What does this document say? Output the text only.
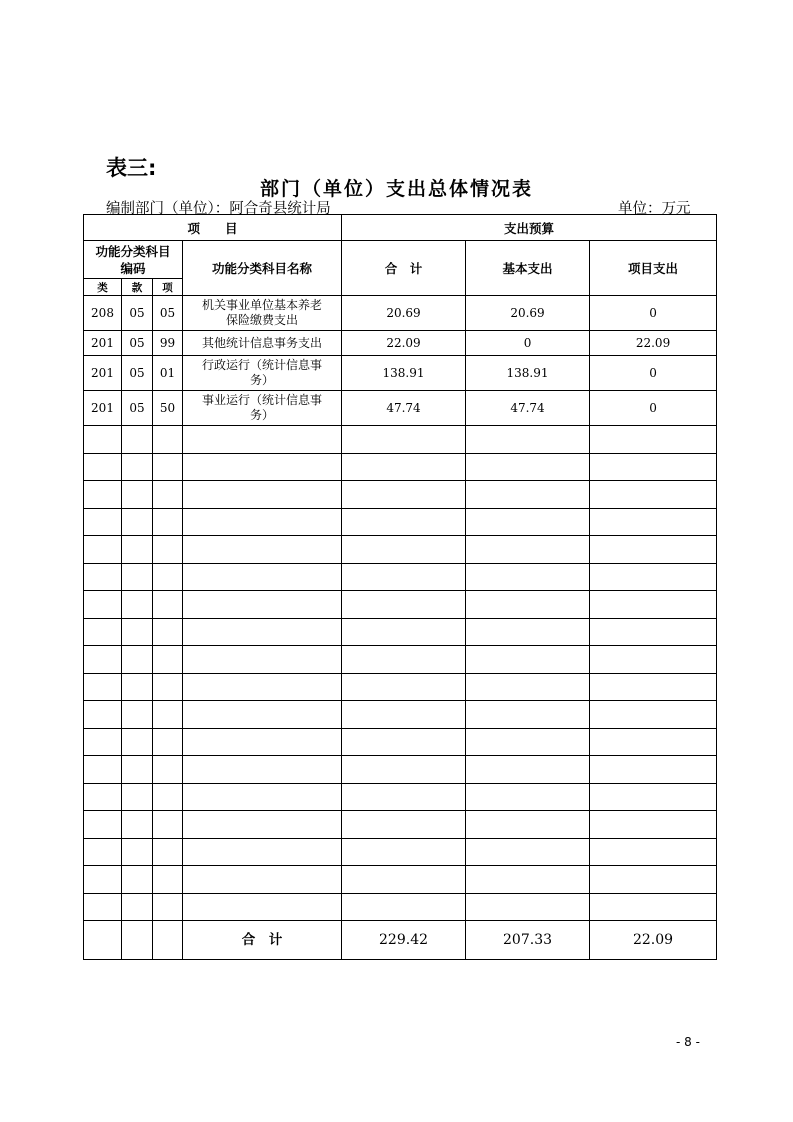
表三:
部门（单位）支出总体情况表
编制部门（单位）：阿合奇县统计局	单位：万元
项　　目				支出预算		
功能分类科目编码			功能分类科目名称	合　计	基本支出	项目支出
类	款	项				
208	05	05	机关事业单位基本养老保险缴费支出	20.69	20.69	0
201	05	99	其他统计信息事务支出	22.09	0	22.09
201	05	01	行政运行（统计信息事务）	138.91	138.91	0
201	05	50	事业运行（统计信息事务）	47.74	47.74	0

			合　计	229.42	207.33	22.09
- 8 -
